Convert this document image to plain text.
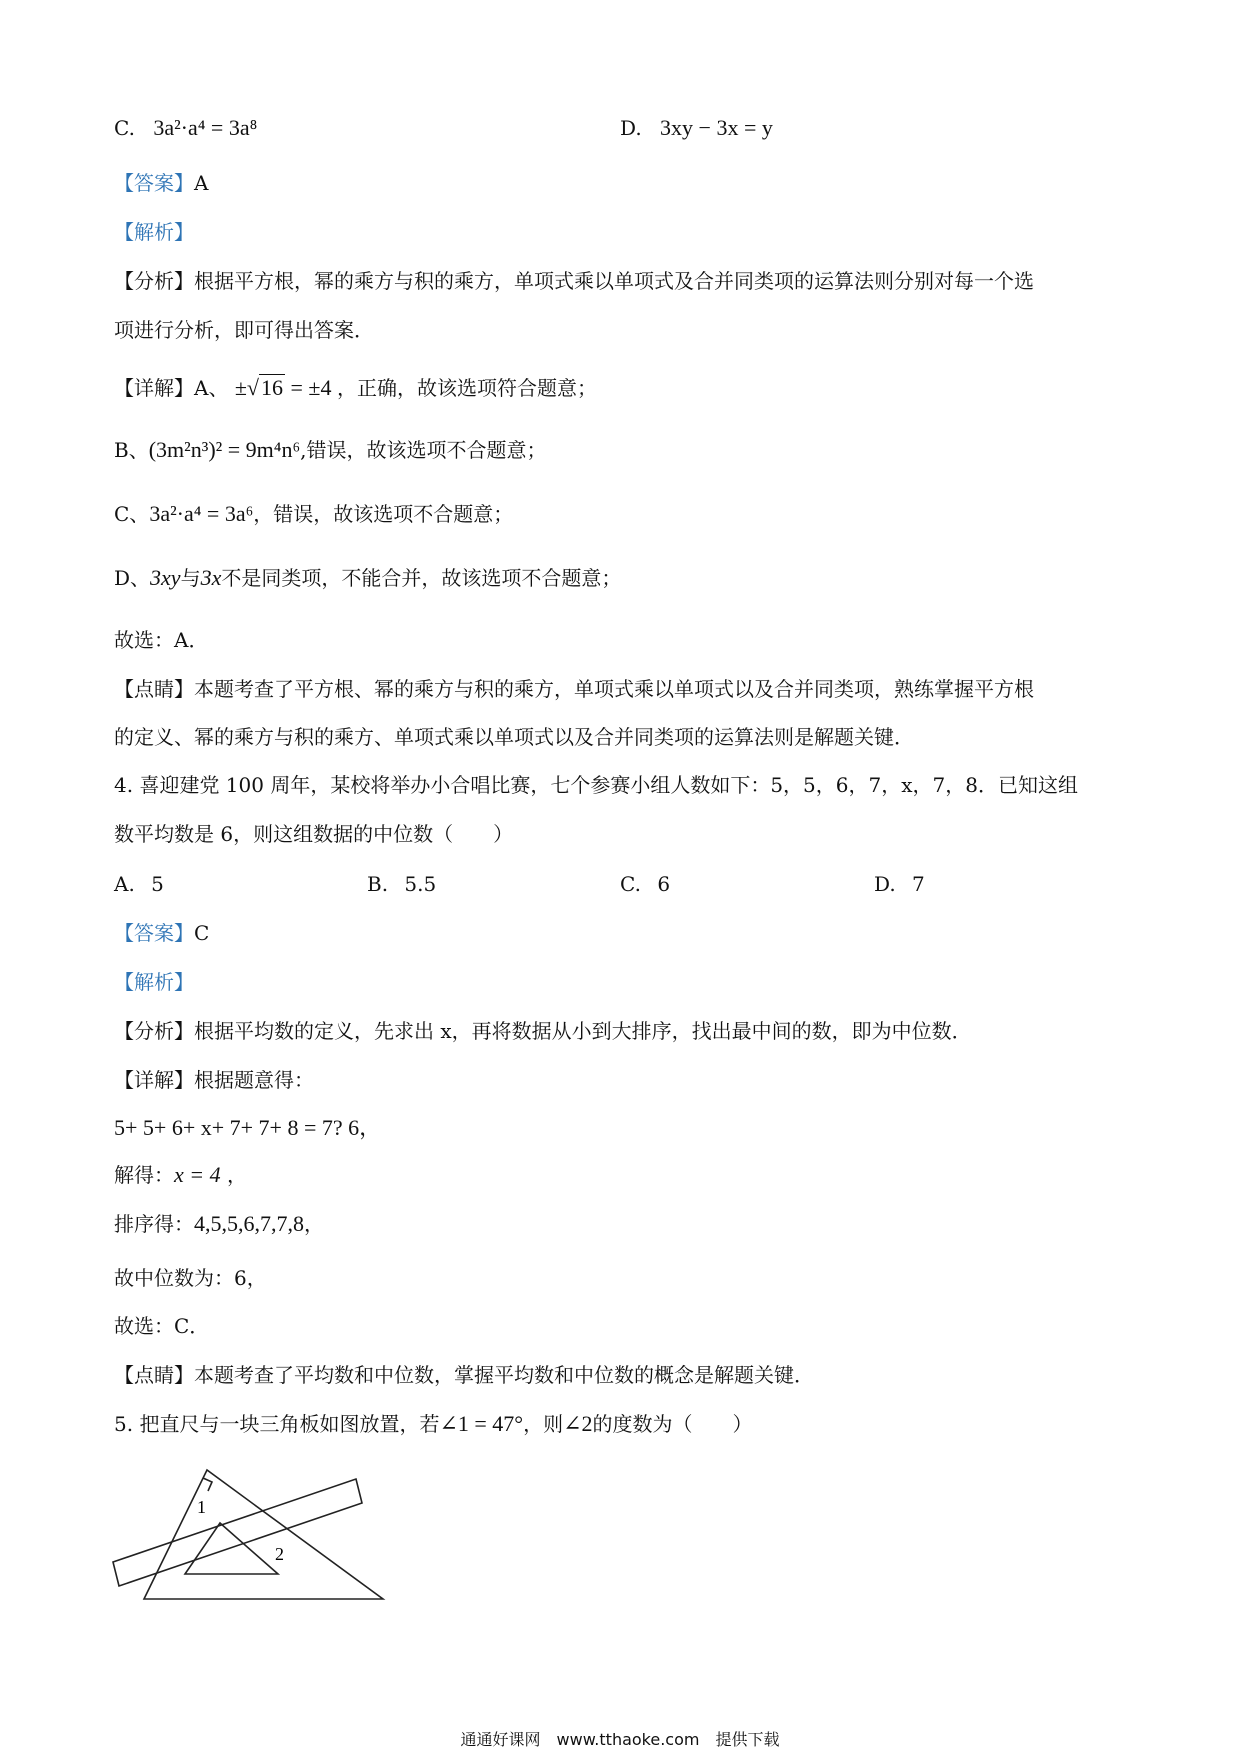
C. 3a²·a⁴ = 3a⁸	D. 3xy − 3x = y
【答案】A
【解析】
【分析】根据平方根，幂的乘方与积的乘方，单项式乘以单项式及合并同类项的运算法则分别对每一个选
项进行分析，即可得出答案．
【详解】A、 ±√16 = ±4 ，正确，故该选项符合题意；
B、(3m²n³)² = 9m⁴n⁶,错误，故该选项不合题意；
C、3a²·a⁴ = 3a⁶，错误，故该选项不合题意；
D、3xy与3x不是同类项，不能合并，故该选项不合题意；
故选：A．
【点睛】本题考查了平方根、幂的乘方与积的乘方，单项式乘以单项式以及合并同类项，熟练掌握平方根
的定义、幂的乘方与积的乘方、单项式乘以单项式以及合并同类项的运算法则是解题关键．
4. 喜迎建党 100 周年，某校将举办小合唱比赛，七个参赛小组人数如下：5，5，6，7，x，7，8．已知这组
数平均数是 6，则这组数据的中位数（　　）
A. 5	B. 5.5	C. 6	D. 7
【答案】C
【解析】
【分析】根据平均数的定义，先求出 x，再将数据从小到大排序，找出最中间的数，即为中位数．
【详解】根据题意得：
5+ 5+ 6+ x+ 7+ 7+ 8 = 7? 6，
解得：x = 4 ，
排序得：4,5,5,6,7,7,8，
故中位数为：6，
故选：C．
【点睛】本题考查了平均数和中位数，掌握平均数和中位数的概念是解题关键．
5. 把直尺与一块三角板如图放置，若∠1 = 47°，则∠2的度数为（　　）
1
2
通通好课网　www.tthaoke.com　提供下载
